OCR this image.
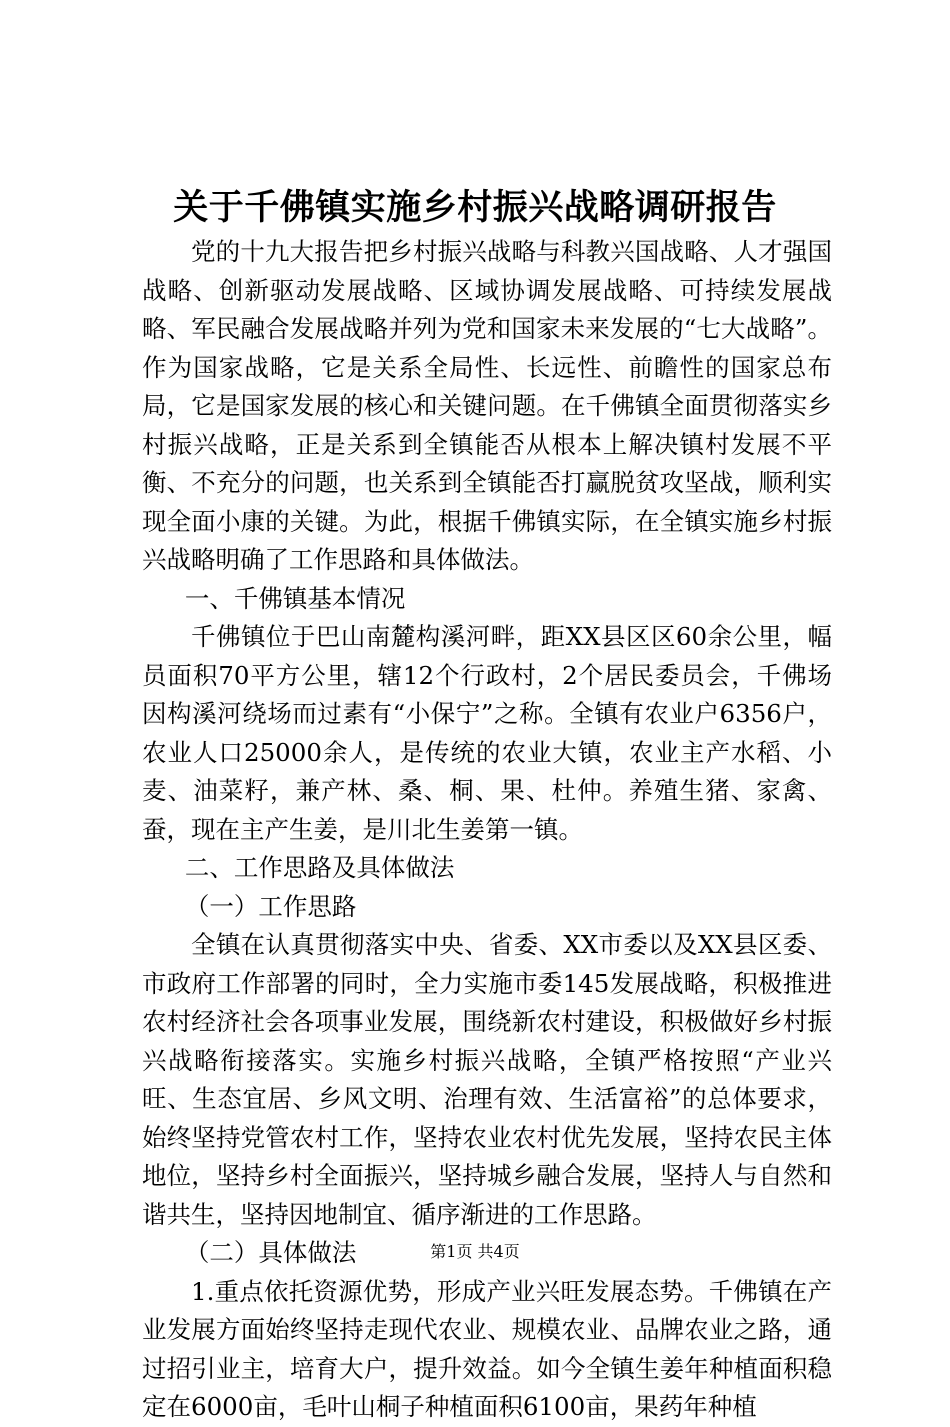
关于千佛镇实施乡村振兴战略调研报告

党的十九大报告把乡村振兴战略与科教兴国战略、人才强国战略、创新驱动发展战略、区域协调发展战略、可持续发展战略、军民融合发展战略并列为党和国家未来发展的“七大战略”。作为国家战略，它是关系全局性、长远性、前瞻性的国家总布局，它是国家发展的核心和关键问题。在千佛镇全面贯彻落实乡村振兴战略，正是关系到全镇能否从根本上解决镇村发展不平衡、不充分的问题，也关系到全镇能否打赢脱贫攻坚战，顺利实现全面小康的关键。为此，根据千佛镇实际，在全镇实施乡村振兴战略明确了工作思路和具体做法。

一、千佛镇基本情况

千佛镇位于巴山南麓构溪河畔，距XX县区区60余公里，幅员面积70平方公里，辖12个行政村，2个居民委员会，千佛场因构溪河绕场而过素有“小保宁”之称。全镇有农业户6356户，农业人口25000余人，是传统的农业大镇，农业主产水稻、小麦、油菜籽，兼产林、桑、桐、果、杜仲。养殖生猪、家禽、蚕，现在主产生姜，是川北生姜第一镇。

二、工作思路及具体做法

（一）工作思路

全镇在认真贯彻落实中央、省委、XX市委以及XX县区委、市政府工作部署的同时，全力实施市委145发展战略，积极推进农村经济社会各项事业发展，围绕新农村建设，积极做好乡村振兴战略衔接落实。实施乡村振兴战略，全镇严格按照“产业兴旺、生态宜居、乡风文明、治理有效、生活富裕”的总体要求，始终坚持党管农村工作，坚持农业农村优先发展，坚持农民主体地位，坚持乡村全面振兴，坚持城乡融合发展，坚持人与自然和谐共生，坚持因地制宜、循序渐进的工作思路。

（二）具体做法

1.重点依托资源优势，形成产业兴旺发展态势。千佛镇在产业发展方面始终坚持走现代农业、规模农业、品牌农业之路，通过招引业主，培育大户，提升效益。如今全镇生姜年种植面积稳定在6000亩，毛叶山桐子种植面积6100亩，果药年种植

第1页 共4页
